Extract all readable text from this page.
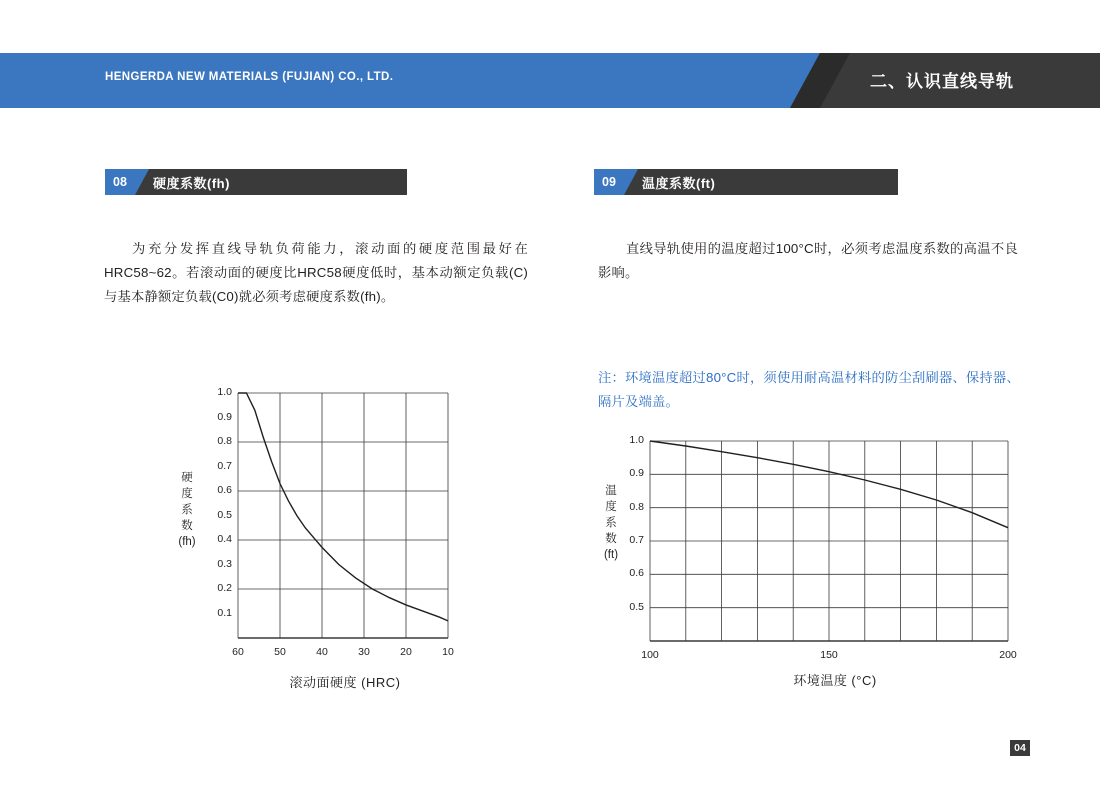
HENGERDA NEW MATERIALS (FUJIAN) CO., LTD.	二、认识直线导轨
08	硬度系数(fh)
为充分发挥直线导轨负荷能力，滚动面的硬度范围最好在HRC58~62。若滚动面的硬度比HRC58硬度低时，基本动额定负载(C)与基本静额定负载(C0)就必须考虑硬度系数(fh)。
09	温度系数(ft)
直线导轨使用的温度超过100°C时，必须考虑温度系数的高温不良影响。
注：环境温度超过80°C时，须使用耐高温材料的防尘刮刷器、保持器、隔片及端盖。
硬
度
系
数
(fh)
滚动面硬度 (HRC)
0.1
0.2
0.3
0.4
0.5
0.6
0.7
0.8
0.9
1.0
60	50	40	30	20	10
温
度
系
数
(ft)
环境温度 (°C)
0.5
0.6
0.7
0.8
0.9
1.0
100	150	200
04
